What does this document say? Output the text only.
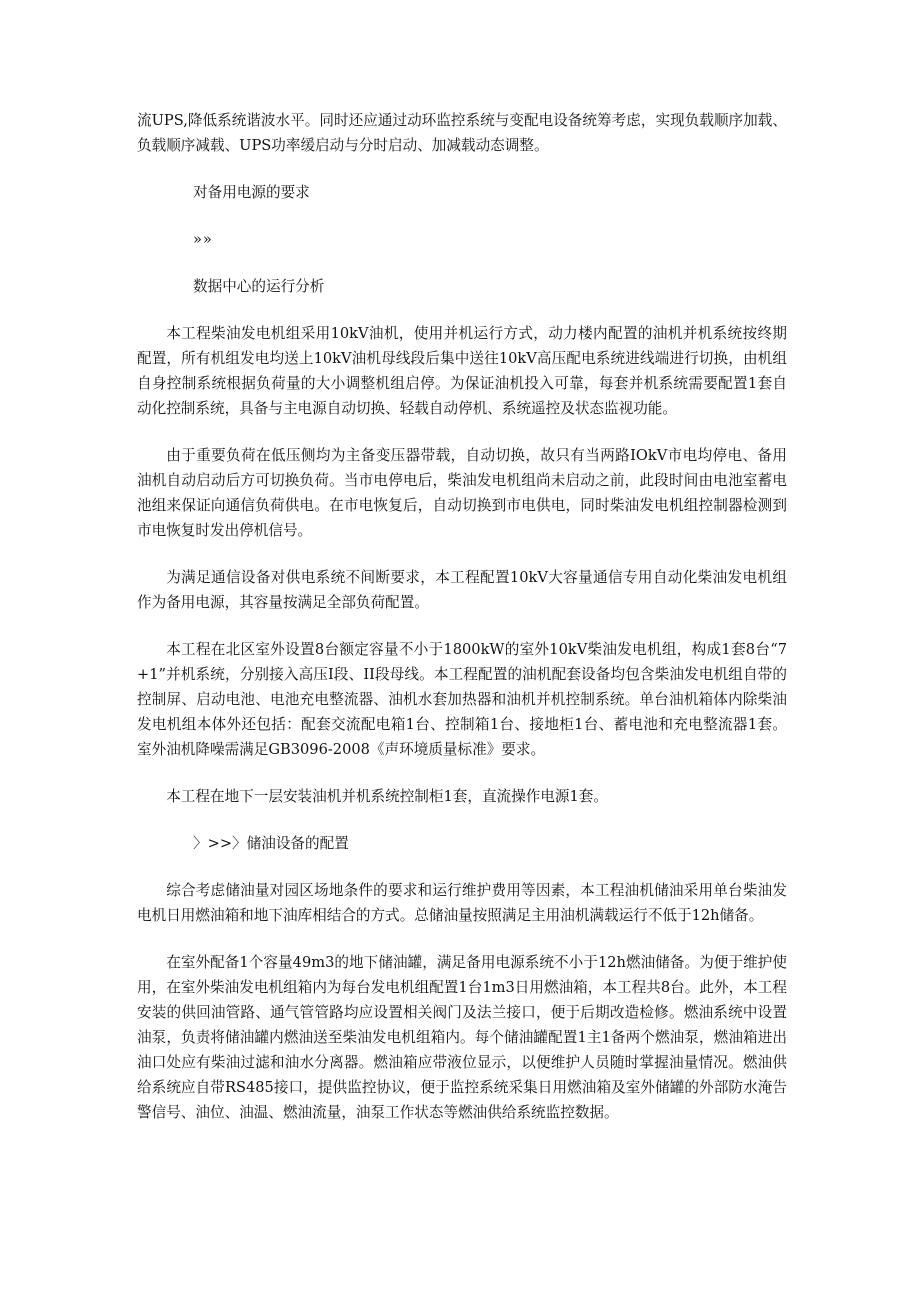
流UPS,降低系统谐波水平。同时还应通过动环监控系统与变配电设备统筹考虑，实现负载顺序加载、负载顺序减载、UPS功率缓启动与分时启动、加减载动态调整。

对备用电源的要求

»»

数据中心的运行分析

本工程柴油发电机组采用10kV油机，使用并机运行方式，动力楼内配置的油机并机系统按终期配置，所有机组发电均送上10kV油机母线段后集中送往10kV高压配电系统进线端进行切换，由机组自身控制系统根据负荷量的大小调整机组启停。为保证油机投入可靠，每套并机系统需要配置1套自动化控制系统，具备与主电源自动切换、轻载自动停机、系统遥控及状态监视功能。

由于重要负荷在低压侧均为主备变压器带载，自动切换，故只有当两路IOkV市电均停电、备用油机自动启动后方可切换负荷。当市电停电后，柴油发电机组尚未启动之前，此段时间由电池室蓄电池组来保证向通信负荷供电。在市电恢复后，自动切换到市电供电，同时柴油发电机组控制器检测到市电恢复时发出停机信号。

为满足通信设备对供电系统不间断要求，本工程配置10kV大容量通信专用自动化柴油发电机组作为备用电源，其容量按满足全部负荷配置。

本工程在北区室外设置8台额定容量不小于1800kW的室外10kV柴油发电机组，构成1套8台“7+1”并机系统，分别接入高压I段、II段母线。本工程配置的油机配套设备均包含柴油发电机组自带的控制屏、启动电池、电池充电整流器、油机水套加热器和油机并机控制系统。单台油机箱体内除柴油发电机组本体外还包括：配套交流配电箱1台、控制箱1台、接地柜1台、蓄电池和充电整流器1套。室外油机降噪需满足GB3096-2008《声环境质量标准》要求。

本工程在地下一层安装油机并机系统控制柜1套，直流操作电源1套。

〉>>〉储油设备的配置

综合考虑储油量对园区场地条件的要求和运行维护费用等因素，本工程油机储油采用单台柴油发电机日用燃油箱和地下油库相结合的方式。总储油量按照满足主用油机满载运行不低于12h储备。

在室外配备1个容量49m3的地下储油罐，满足备用电源系统不小于12h燃油储备。为便于维护使用，在室外柴油发电机组箱内为每台发电机组配置1台1m3日用燃油箱，本工程共8台。此外，本工程安装的供回油管路、通气管管路均应设置相关阀门及法兰接口，便于后期改造检修。燃油系统中设置油泵，负责将储油罐内燃油送至柴油发电机组箱内。每个储油罐配置1主1备两个燃油泵，燃油箱进出油口处应有柴油过滤和油水分离器。燃油箱应带液位显示，以便维护人员随时掌握油量情况。燃油供给系统应自带RS485接口，提供监控协议，便于监控系统采集日用燃油箱及室外储罐的外部防水淹告警信号、油位、油温、燃油流量，油泵工作状态等燃油供给系统监控数据。
